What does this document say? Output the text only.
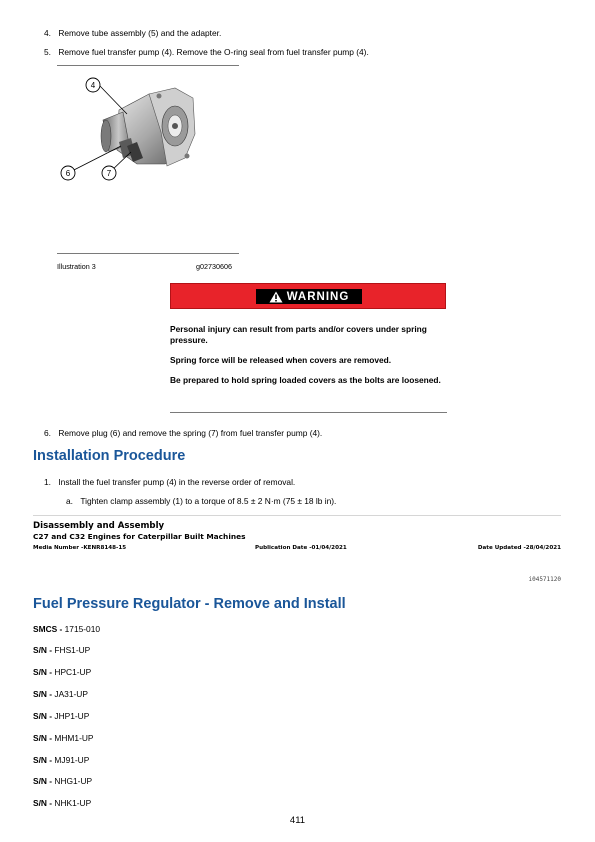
4. Remove tube assembly (5) and the adapter.
5. Remove fuel transfer pump (4). Remove the O-ring seal from fuel transfer pump (4).
4
6	7
Illustration 3	g02730606
WARNING
Personal injury can result from parts and/or covers under spring pressure.
Spring force will be released when covers are removed.
Be prepared to hold spring loaded covers as the bolts are loosened.
6. Remove plug (6) and remove the spring (7) from fuel transfer pump (4).
Installation Procedure
1. Install the fuel transfer pump (4) in the reverse order of removal.
a. Tighten clamp assembly (1) to a torque of 8.5 ± 2 N·m (75 ± 18 lb in).
Disassembly and Assembly
C27 and C32 Engines for Caterpillar Built Machines
Media Number -KENR8148-15	Publication Date -01/04/2021	Date Updated -28/04/2021
i04571120
Fuel Pressure Regulator - Remove and Install
SMCS - 1715-010
S/N - FHS1-UP
S/N - HPC1-UP
S/N - JA31-UP
S/N - JHP1-UP
S/N - MHM1-UP
S/N - MJ91-UP
S/N - NHG1-UP
S/N - NHK1-UP
411
